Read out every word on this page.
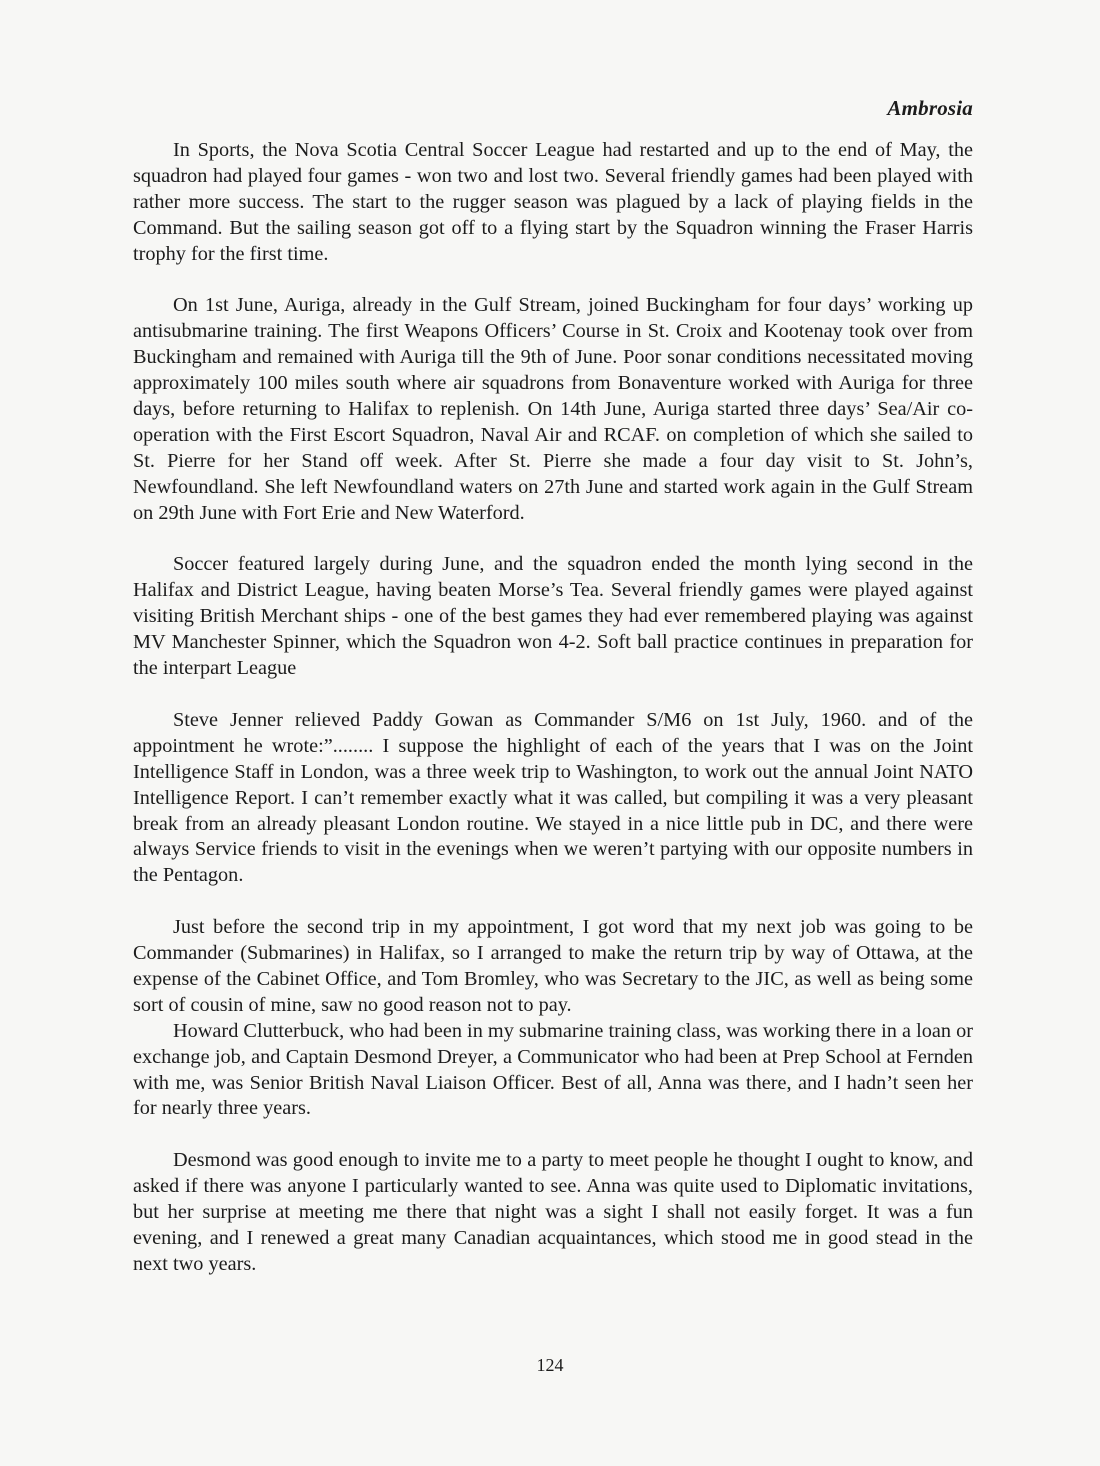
Ambrosia

In Sports, the Nova Scotia Central Soccer League had restarted and up to the end of May, the squadron had played four games - won two and lost two. Several friendly games had been played with rather more success. The start to the rugger season was plagued by a lack of playing fields in the Command. But the sailing season got off to a flying start by the Squadron winning the Fraser Harris trophy for the first time.

On 1st June, Auriga, already in the Gulf Stream, joined Buckingham for four days’ working up antisubmarine training. The first Weapons Officers’ Course in St. Croix and Kootenay took over from Buckingham and remained with Auriga till the 9th of June. Poor sonar conditions necessitated moving approximately 100 miles south where air squadrons from Bonaventure worked with Auriga for three days, before returning to Halifax to replenish. On 14th June, Auriga started three days’ Sea/Air co-operation with the First Escort Squadron, Naval Air and RCAF. on completion of which she sailed to St. Pierre for her Stand off week. After St. Pierre she made a four day visit to St. John’s, Newfoundland. She left Newfoundland waters on 27th June and started work again in the Gulf Stream on 29th June with Fort Erie and New Waterford.

Soccer featured largely during June, and the squadron ended the month lying second in the Halifax and District League, having beaten Morse’s Tea. Several friendly games were played against visiting British Merchant ships - one of the best games they had ever remembered playing was against MV Manchester Spinner, which the Squadron won 4-2. Soft ball practice continues in preparation for the interpart League

Steve Jenner relieved Paddy Gowan as Commander S/M6 on 1st July, 1960. and of the appointment he wrote:”........ I suppose the highlight of each of the years that I was on the Joint Intelligence Staff in London, was a three week trip to Washington, to work out the annual Joint NATO Intelligence Report. I can’t remember exactly what it was called, but compiling it was a very pleasant break from an already pleasant London routine. We stayed in a nice little pub in DC, and there were always Service friends to visit in the evenings when we weren’t partying with our opposite numbers in the Pentagon.

Just before the second trip in my appointment, I got word that my next job was going to be Commander (Submarines) in Halifax, so I arranged to make the return trip by way of Ottawa, at the expense of the Cabinet Office, and Tom Bromley, who was Secretary to the JIC, as well as being some sort of cousin of mine, saw no good reason not to pay.

Howard Clutterbuck, who had been in my submarine training class, was working there in a loan or exchange job, and Captain Desmond Dreyer, a Communicator who had been at Prep School at Fernden with me, was Senior British Naval Liaison Officer. Best of all, Anna was there, and I hadn’t seen her for nearly three years.

Desmond was good enough to invite me to a party to meet people he thought I ought to know, and asked if there was anyone I particularly wanted to see. Anna was quite used to Diplomatic invitations, but her surprise at meeting me there that night was a sight I shall not easily forget. It was a fun evening, and I renewed a great many Canadian acquaintances, which stood me in good stead in the next two years.

124
